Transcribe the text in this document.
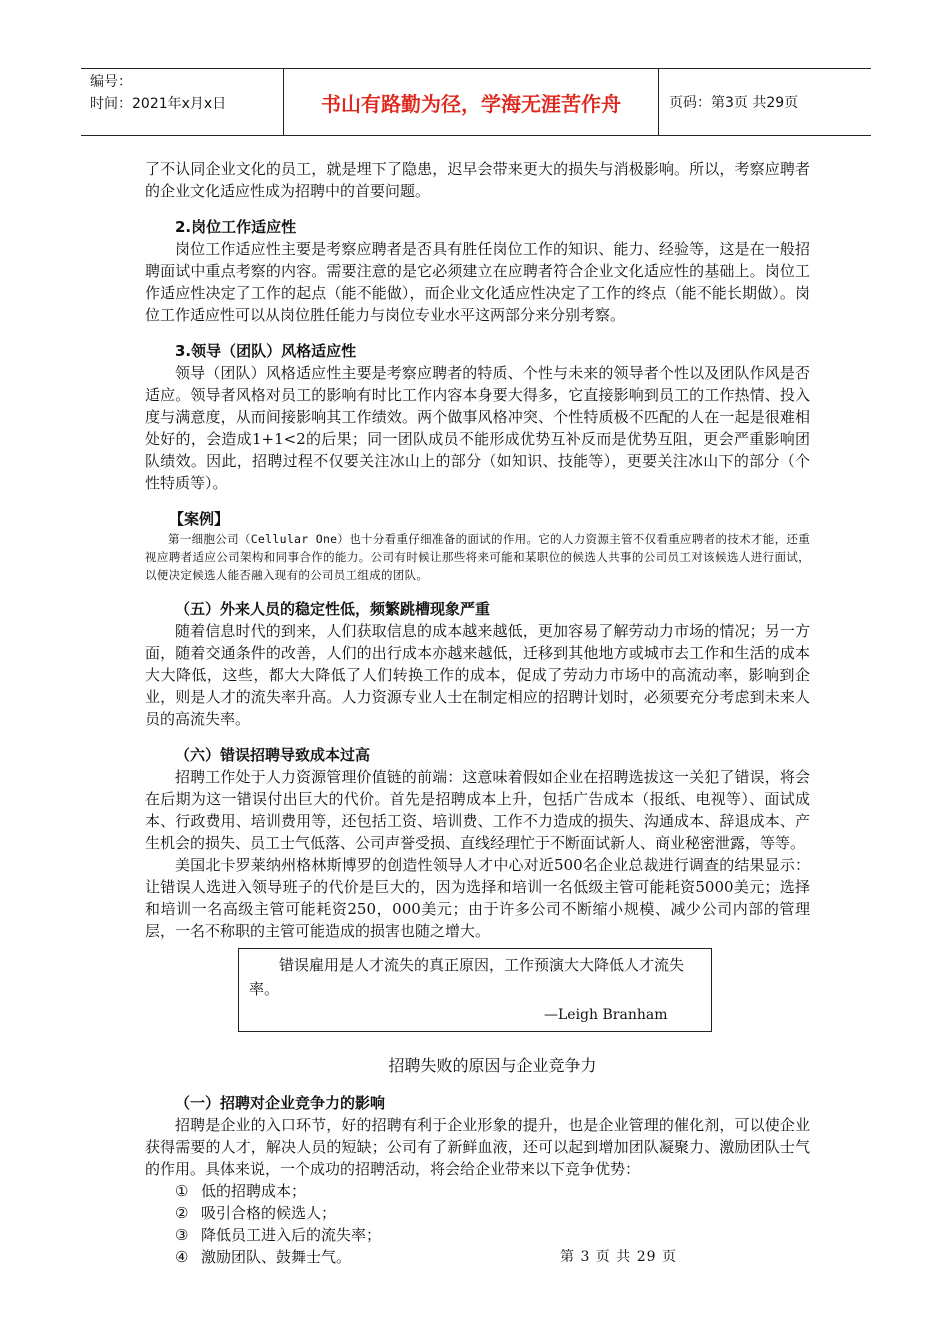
编号：
时间：2021年x月x日	书山有路勤为径，学海无涯苦作舟	页码：第3页 共29页

了不认同企业文化的员工，就是埋下了隐患，迟早会带来更大的损失与消极影响。所以，考察应聘者的企业文化适应性成为招聘中的首要问题。

2.岗位工作适应性

岗位工作适应性主要是考察应聘者是否具有胜任岗位工作的知识、能力、经验等，这是在一般招聘面试中重点考察的内容。需要注意的是它必须建立在应聘者符合企业文化适应性的基础上。岗位工作适应性决定了工作的起点（能不能做），而企业文化适应性决定了工作的终点（能不能长期做）。岗位工作适应性可以从岗位胜任能力与岗位专业水平这两部分来分别考察。

3.领导（团队）风格适应性

领导（团队）风格适应性主要是考察应聘者的特质、个性与未来的领导者个性以及团队作风是否适应。领导者风格对员工的影响有时比工作内容本身要大得多，它直接影响到员工的工作热情、投入度与满意度，从而间接影响其工作绩效。两个做事风格冲突、个性特质极不匹配的人在一起是很难相处好的，会造成1+1<2的后果；同一团队成员不能形成优势互补反而是优势互阻，更会严重影响团队绩效。因此，招聘过程不仅要关注冰山上的部分（如知识、技能等），更要关注冰山下的部分（个性特质等）。

【案例】

第一细胞公司（Cellular One）也十分看重仔细准备的面试的作用。它的人力资源主管不仅看重应聘者的技术才能，还重视应聘者适应公司架构和同事合作的能力。公司有时候让那些将来可能和某职位的候选人共事的公司员工对该候选人进行面试，以便决定候选人能否融入现有的公司员工组成的团队。

（五）外来人员的稳定性低，频繁跳槽现象严重

随着信息时代的到来，人们获取信息的成本越来越低，更加容易了解劳动力市场的情况；另一方面，随着交通条件的改善，人们的出行成本亦越来越低，迁移到其他地方或城市去工作和生活的成本大大降低，这些，都大大降低了人们转换工作的成本，促成了劳动力市场中的高流动率，影响到企业，则是人才的流失率升高。人力资源专业人士在制定相应的招聘计划时，必须要充分考虑到未来人员的高流失率。

（六）错误招聘导致成本过高

招聘工作处于人力资源管理价值链的前端：这意味着假如企业在招聘选拔这一关犯了错误，将会在后期为这一错误付出巨大的代价。首先是招聘成本上升，包括广告成本（报纸、电视等）、面试成本、行政费用、培训费用等，还包括工资、培训费、工作不力造成的损失、沟通成本、辞退成本、产生机会的损失、员工士气低落、公司声誉受损、直线经理忙于不断面试新人、商业秘密泄露，等等。

美国北卡罗莱纳州格林斯博罗的创造性领导人才中心对近500名企业总裁进行调查的结果显示：让错误人选进入领导班子的代价是巨大的，因为选择和培训一名低级主管可能耗资5000美元；选择和培训一名高级主管可能耗资250，000美元；由于许多公司不断缩小规模、减少公司内部的管理层，一名不称职的主管可能造成的损害也随之增大。

错误雇用是人才流失的真正原因，工作预演大大降低人才流失率。

—Leigh Branham

招聘失败的原因与企业竞争力

（一）招聘对企业竞争力的影响

招聘是企业的入口环节，好的招聘有利于企业形象的提升，也是企业管理的催化剂，可以使企业获得需要的人才，解决人员的短缺；公司有了新鲜血液，还可以起到增加团队凝聚力、激励团队士气的作用。具体来说，一个成功的招聘活动，将会给企业带来以下竞争优势：

① 低的招聘成本；
② 吸引合格的候选人；
③ 降低员工进入后的流失率；
④ 激励团队、鼓舞士气。	第 3 页 共 29 页
